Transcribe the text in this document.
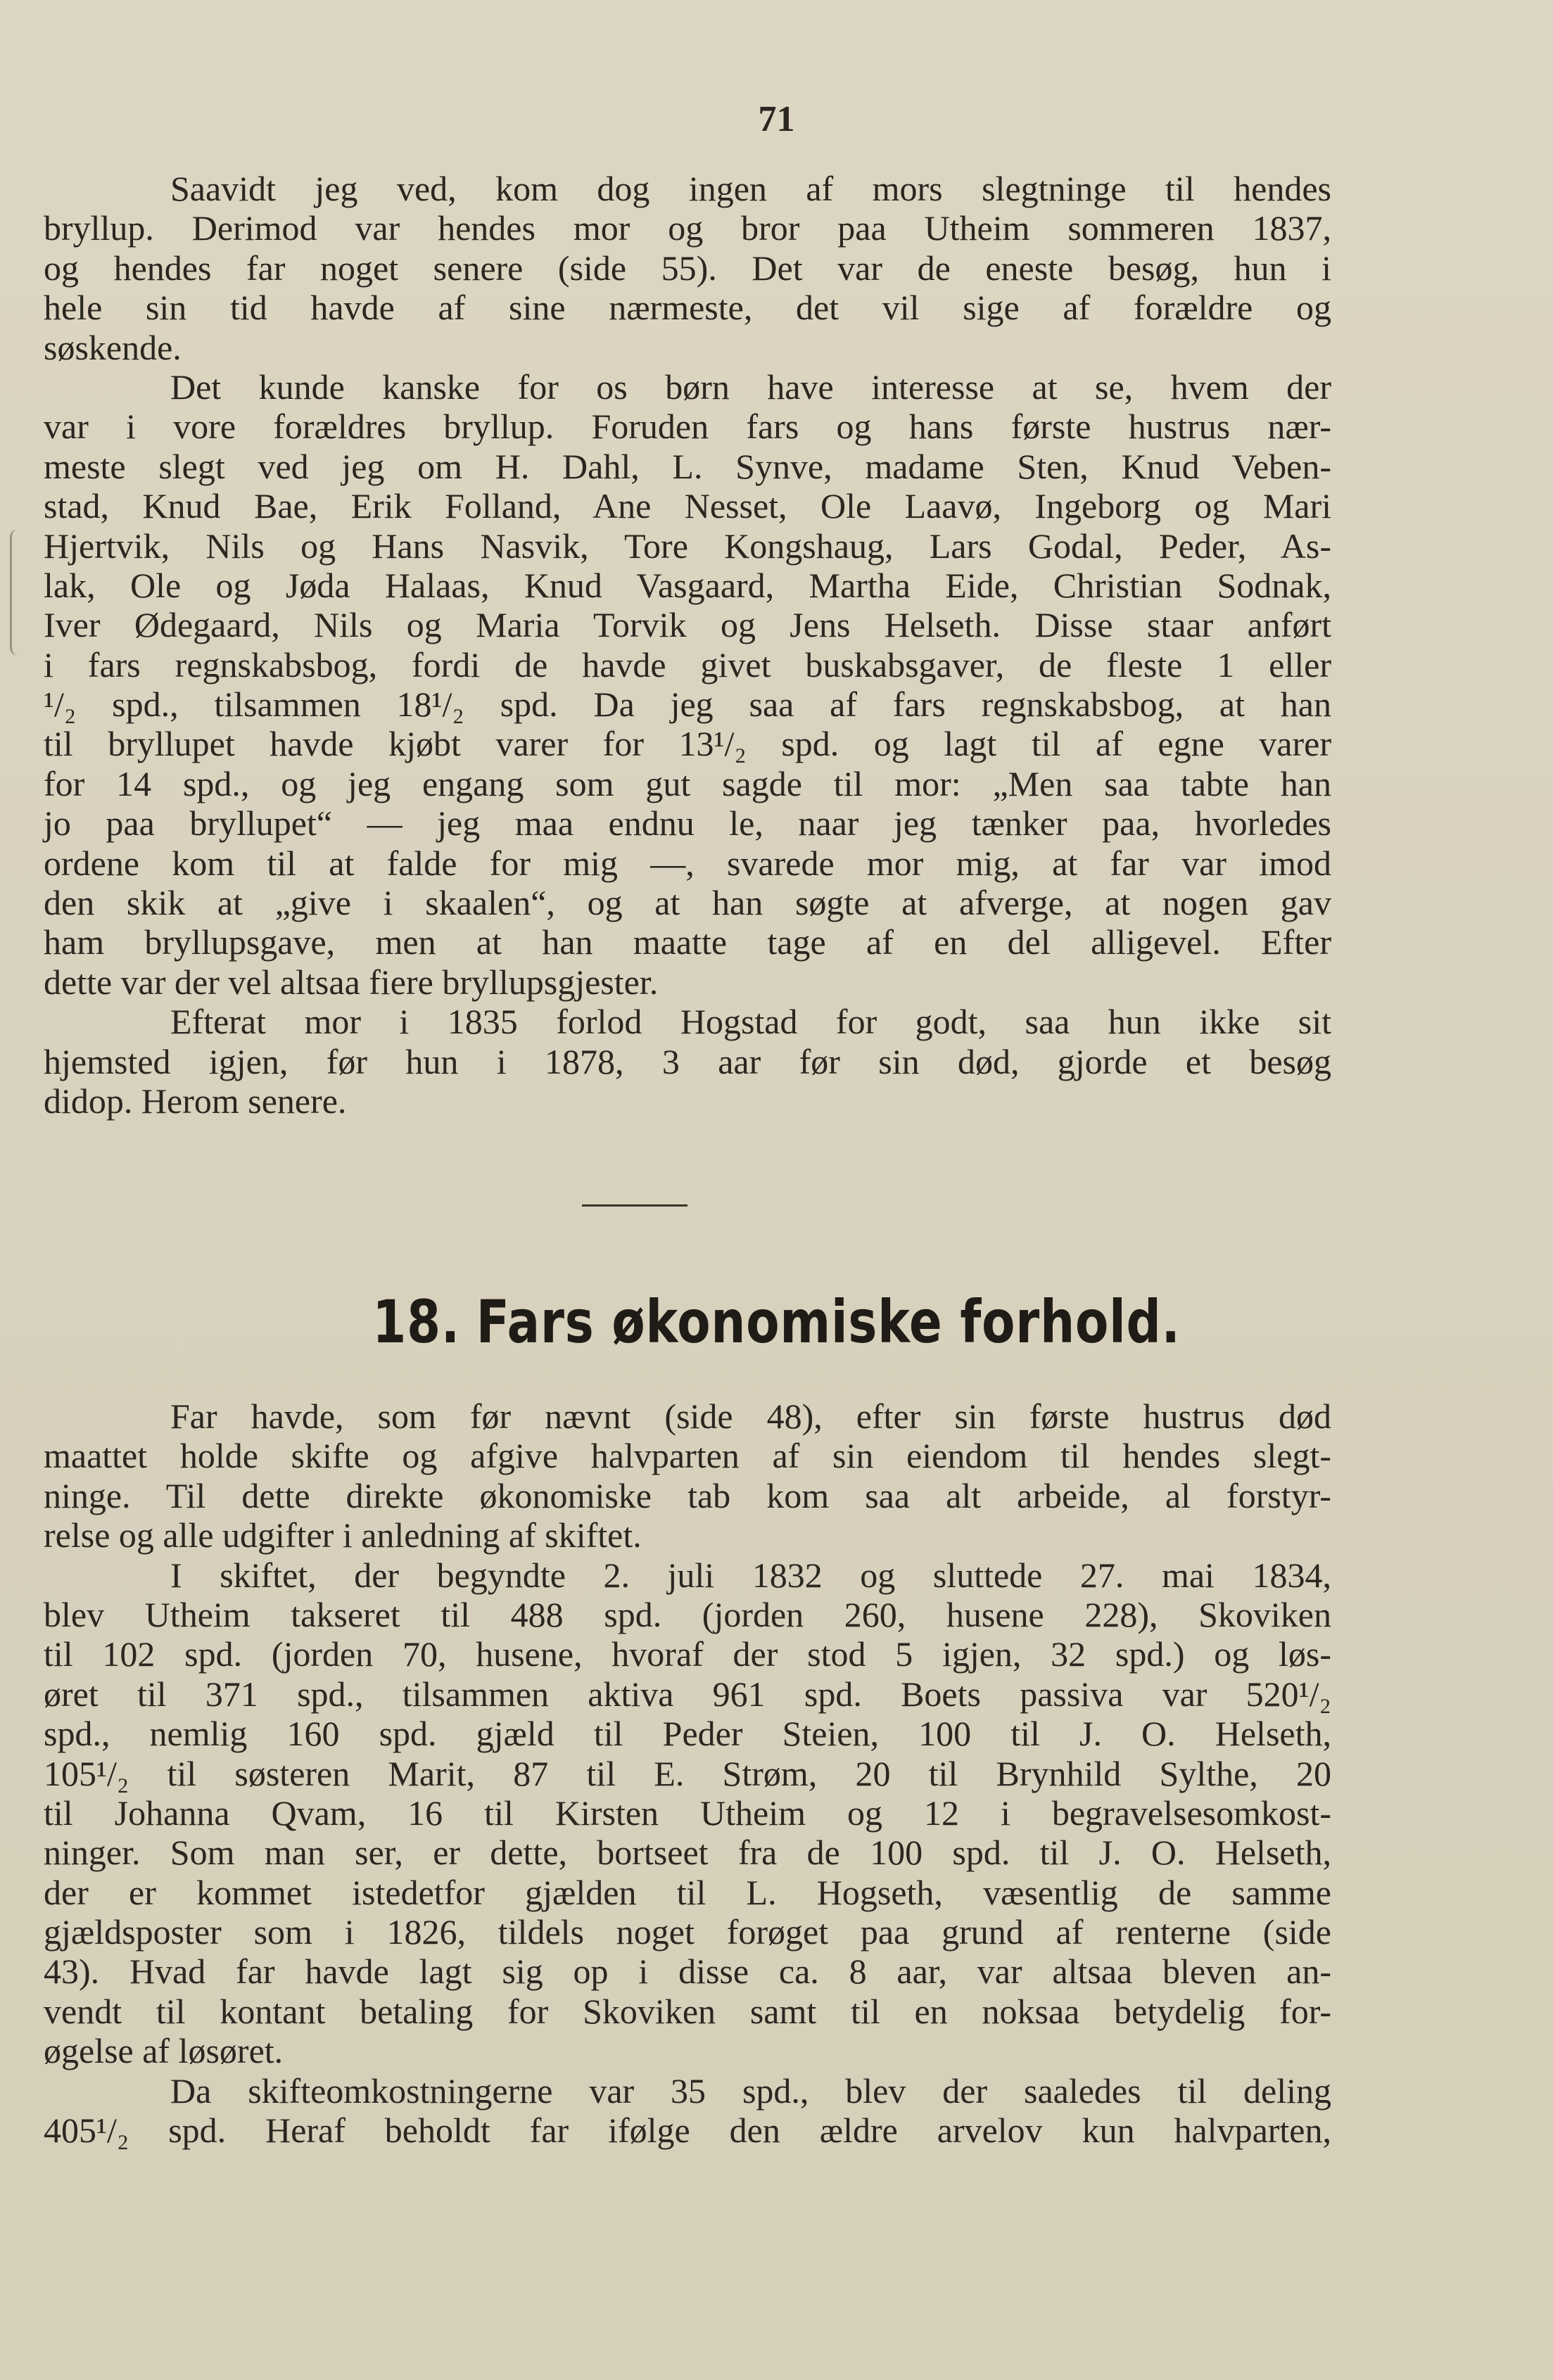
71
Saavidt jeg ved, kom dog ingen af mors slegtninge til hendes
bryllup. Derimod var hendes mor og bror paa Utheim sommeren 1837,
og hendes far noget senere (side 55). Det var de eneste besøg, hun i
hele sin tid havde af sine nærmeste, det vil sige af forældre og
søskende.
Det kunde kanske for os børn have interesse at se, hvem der
var i vore forældres bryllup. Foruden fars og hans første hustrus nær-
meste slegt ved jeg om H. Dahl, L. Synve, madame Sten, Knud Veben-
stad, Knud Bae, Erik Folland, Ane Nesset, Ole Laavø, Ingeborg og Mari
Hjertvik, Nils og Hans Nasvik, Tore Kongshaug, Lars Godal, Peder, As-
lak, Ole og Jøda Halaas, Knud Vasgaard, Martha Eide, Christian Sodnak,
Iver Ødegaard, Nils og Maria Torvik og Jens Helseth. Disse staar anført
i fars regnskabsbog, fordi de havde givet buskabsgaver, de fleste 1 eller
¹/₂ spd., tilsammen 18¹/₂ spd. Da jeg saa af fars regnskabsbog, at han
til bryllupet havde kjøbt varer for 13¹/₂ spd. og lagt til af egne varer
for 14 spd., og jeg engang som gut sagde til mor: „Men saa tabte han
jo paa bryllupet“ — jeg maa endnu le, naar jeg tænker paa, hvorledes
ordene kom til at falde for mig —, svarede mor mig, at far var imod
den skik at „give i skaalen“, og at han søgte at afverge, at nogen gav
ham bryllupsgave, men at han maatte tage af en del alligevel. Efter
dette var der vel altsaa fiere bryllupsgjester.
Efterat mor i 1835 forlod Hogstad for godt, saa hun ikke sit
hjemsted igjen, før hun i 1878, 3 aar før sin død, gjorde et besøg
didop. Herom senere.
18. Fars økonomiske forhold.
Far havde, som før nævnt (side 48), efter sin første hustrus død
maattet holde skifte og afgive halvparten af sin eiendom til hendes slegt-
ninge. Til dette direkte økonomiske tab kom saa alt arbeide, al forstyr-
relse og alle udgifter i anledning af skiftet.
I skiftet, der begyndte 2. juli 1832 og sluttede 27. mai 1834,
blev Utheim takseret til 488 spd. (jorden 260, husene 228), Skoviken
til 102 spd. (jorden 70, husene, hvoraf der stod 5 igjen, 32 spd.) og løs-
øret til 371 spd., tilsammen aktiva 961 spd. Boets passiva var 520¹/₂
spd., nemlig 160 spd. gjæld til Peder Steien, 100 til J. O. Helseth,
105¹/₂ til søsteren Marit, 87 til E. Strøm, 20 til Brynhild Sylthe, 20
til Johanna Qvam, 16 til Kirsten Utheim og 12 i begravelsesomkost-
ninger. Som man ser, er dette, bortseet fra de 100 spd. til J. O. Helseth,
der er kommet istedetfor gjælden til L. Hogseth, væsentlig de samme
gjældsposter som i 1826, tildels noget forøget paa grund af renterne (side
43). Hvad far havde lagt sig op i disse ca. 8 aar, var altsaa bleven an-
vendt til kontant betaling for Skoviken samt til en noksaa betydelig for-
øgelse af løsøret.
Da skifteomkostningerne var 35 spd., blev der saaledes til deling
405¹/₂ spd. Heraf beholdt far ifølge den ældre arvelov kun halvparten,
